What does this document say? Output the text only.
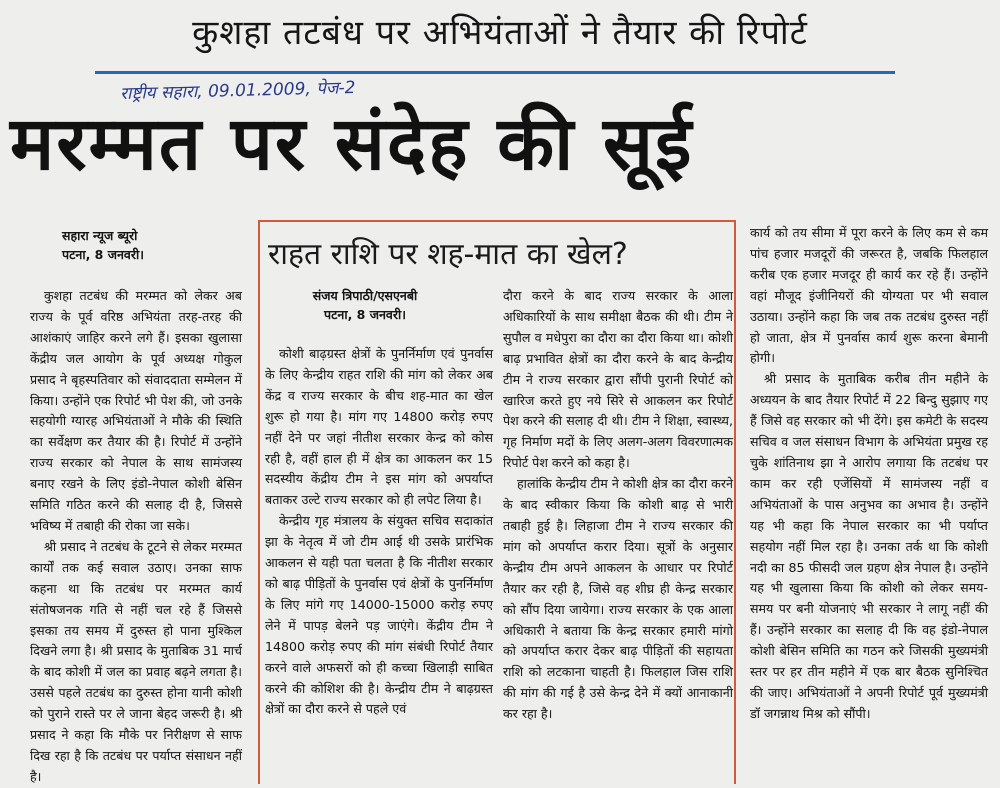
कुशहा तटबंध पर अभियंताओं ने तैयार की रिपोर्ट
राष्ट्रीय सहारा, 09.01.2009, पेज-2
मरम्मत पर संदेह की सूई
सहारा न्यूज ब्यूरो
पटना, 8 जनवरी।

कुशहा तटबंध की मरम्मत को लेकर अब राज्य के पूर्व वरिष्ठ अभियंता तरह-तरह की आशंकाएं जाहिर करने लगे हैं। इसका खुलासा केंद्रीय जल आयोग के पूर्व अध्यक्ष गोकुल प्रसाद ने बृहस्पतिवार को संवाददाता सम्मेलन में किया। उन्होंने एक रिपोर्ट भी पेश की, जो उनके सहयोगी ग्यारह अभियंताओं ने मौके की स्थिति का सर्वेक्षण कर तैयार की है। रिपोर्ट में उन्होंने राज्य सरकार को नेपाल के साथ सामंजस्य बनाए रखने के लिए इंडो-नेपाल कोशी बेसिन समिति गठित करने की सलाह दी है, जिससे भविष्य में तबाही की रोका जा सके।

श्री प्रसाद ने तटबंध के टूटने से लेकर मरम्मत कार्यों तक कई सवाल उठाए। उनका साफ कहना था कि तटबंध पर मरम्मत कार्य संतोषजनक गति से नहीं चल रहे हैं जिससे इसका तय समय में दुरुस्त हो पाना मुश्किल दिखने लगा है। श्री प्रसाद के मुताबिक 31 मार्च के बाद कोशी में जल का प्रवाह बढ़ने लगता है। उससे पहले तटबंध का दुरुस्त होना यानी कोशी को पुराने रास्ते पर ले जाना बेहद जरूरी है। श्री प्रसाद ने कहा कि मौके पर निरीक्षण से साफ दिख रहा है कि तटबंध पर पर्याप्त संसाधन नहीं है।

राहत राशि पर शह-मात का खेल?
संजय त्रिपाठी/एसएनबी
पटना, 8 जनवरी।

कोशी बाढ़ग्रस्त क्षेत्रों के पुनर्निर्माण एवं पुनर्वास के लिए केन्द्रीय राहत राशि की मांग को लेकर अब केंद्र व राज्य सरकार के बीच शह-मात का खेल शुरू हो गया है। मांग गए 14800 करोड़ रुपए नहीं देने पर जहां नीतीश सरकार केन्द्र को कोस रही है, वहीं हाल ही में क्षेत्र का आकलन कर 15 सदस्यीय केंद्रीय टीम ने इस मांग को अपर्याप्त बताकर उल्टे राज्य सरकार को ही लपेट लिया है।

केन्द्रीय गृह मंत्रालय के संयुक्त सचिव सदाकांत झा के नेतृत्व में जो टीम आई थी उसके प्रारंभिक आकलन से यही पता चलता है कि नीतीश सरकार को बाढ़ पीड़ितों के पुनर्वास एवं क्षेत्रों के पुनर्निर्माण के लिए मांगे गए 14000-15000 करोड़ रुपए लेने में पापड़ बेलने पड़ जाएंगे। केंद्रीय टीम ने 14800 करोड़ रुपए की मांग संबंधी रिपोर्ट तैयार करने वाले अफसरों को ही कच्चा खिलाड़ी साबित करने की कोशिश की है। केन्द्रीय टीम ने बाढ़ग्रस्त क्षेत्रों का दौरा करने से पहले एवं

दौरा करने के बाद राज्य सरकार के आला अधिकारियों के साथ समीक्षा बैठक की थी। टीम ने सुपौल व मधेपुरा का दौरा का दौरा किया था। कोशी बाढ़ प्रभावित क्षेत्रों का दौरा करने के बाद केन्द्रीय टीम ने राज्य सरकार द्वारा सौंपी पुरानी रिपोर्ट को खारिज करते हुए नये सिरे से आकलन कर रिपोर्ट पेश करने की सलाह दी थी। टीम ने शिक्षा, स्वास्थ्य, गृह निर्माण मदों के लिए अलग-अलग विवरणात्मक रिपोर्ट पेश करने को कहा है।

हालांकि केन्द्रीय टीम ने कोशी क्षेत्र का दौरा करने के बाद स्वीकार किया कि कोशी बाढ़ से भारी तबाही हुई है। लिहाजा टीम ने राज्य सरकार की मांग को अपर्याप्त करार दिया। सूत्रों के अनुसार केन्द्रीय टीम अपने आकलन के आधार पर रिपोर्ट तैयार कर रही है, जिसे वह शीघ्र ही केन्द्र सरकार को सौंप दिया जायेगा। राज्य सरकार के एक आला अधिकारी ने बताया कि केन्द्र सरकार हमारी मांगो को अपर्याप्त करार देकर बाढ़ पीड़ितों की सहायता राशि को लटकाना चाहती है। फिलहाल जिस राशि की मांग की गई है उसे केन्द्र देने में क्यों आनाकानी कर रहा है।

कार्य को तय सीमा में पूरा करने के लिए कम से कम पांच हजार मजदूरों की जरूरत है, जबकि फिलहाल करीब एक हजार मजदूर ही कार्य कर रहे हैं। उन्होंने वहां मौजूद इंजीनियरों की योग्यता पर भी सवाल उठाया। उन्होंने कहा कि जब तक तटबंध दुरुस्त नहीं हो जाता, क्षेत्र में पुनर्वास कार्य शुरू करना बेमानी होगी।

श्री प्रसाद के मुताबिक करीब तीन महीने के अध्ययन के बाद तैयार रिपोर्ट में 22 बिन्दु सुझाए गए हैं जिसे वह सरकार को भी देंगे। इस कमेटी के सदस्य सचिव व जल संसाधन विभाग के अभियंता प्रमुख रह चुके शांतिनाथ झा ने आरोप लगाया कि तटबंध पर काम कर रही एजेंसियों में सामंजस्य नहीं व अभियंताओं के पास अनुभव का अभाव है। उन्होंने यह भी कहा कि नेपाल सरकार का भी पर्याप्त सहयोग नहीं मिल रहा है। उनका तर्क था कि कोशी नदी का 85 फीसदी जल ग्रहण क्षेत्र नेपाल है। उन्होंने यह भी खुलासा किया कि कोशी को लेकर समय-समय पर बनी योजनाएं भी सरकार ने लागू नहीं की हैं। उन्होंने सरकार का सलाह दी कि वह इंडो-नेपाल कोशी बेसिन समिति का गठन करे जिसकी मुख्यमंत्री स्तर पर हर तीन महीने में एक बार बैठक सुनिश्चित की जाए। अभियंताओं ने अपनी रिपोर्ट पूर्व मुख्यमंत्री डॉ जगन्नाथ मिश्र को सौंपी।
